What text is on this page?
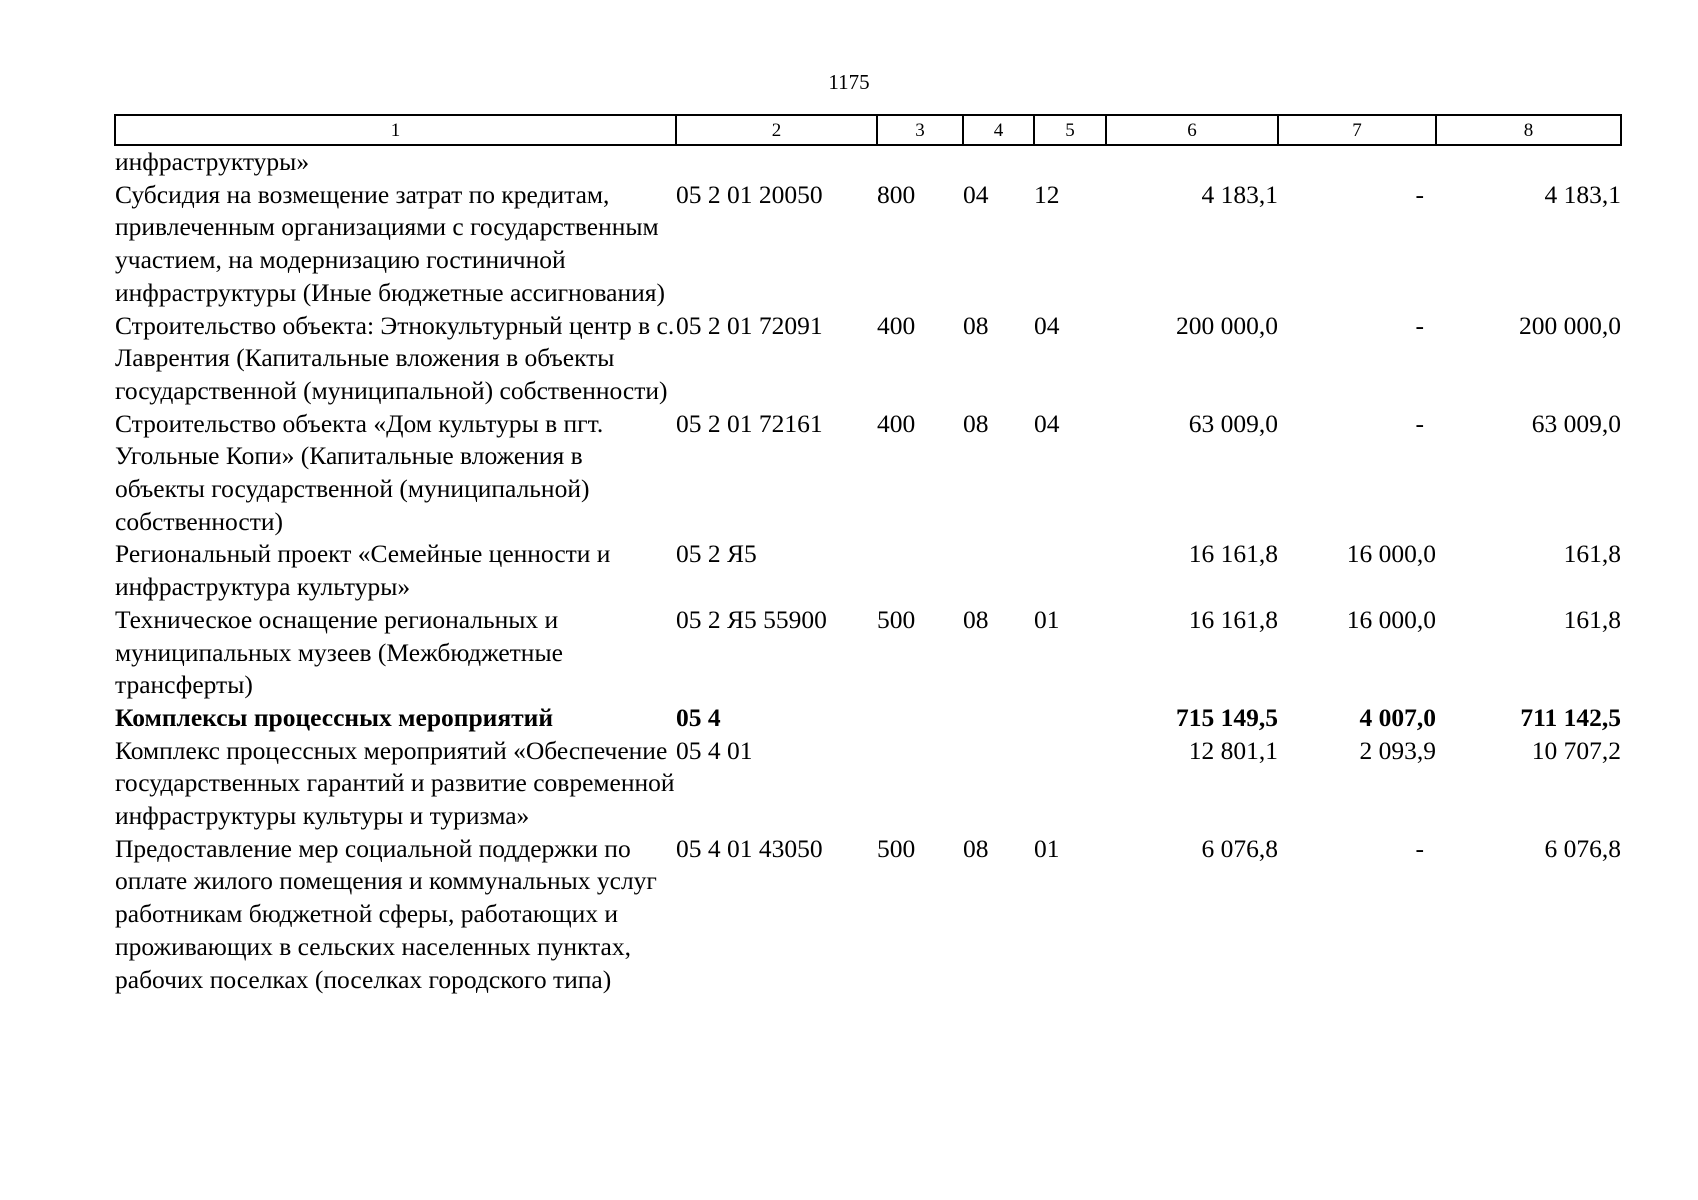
1175
1	2	3	4	5	6	7	8
инфраструктуры»							
Субсидия на возмещение затрат по кредитам, привлеченным организациями с государственным участием, на модернизацию гостиничной инфраструктуры (Иные бюджетные ассигнования)	05 2 01 20050	800	04	12	4 183,1	-	4 183,1
Строительство объекта: Этнокультурный центр в с. Лаврентия (Капитальные вложения в объекты государственной (муниципальной) собственности)	05 2 01 72091	400	08	04	200 000,0	-	200 000,0
Строительство объекта «Дом культуры в пгт. Угольные Копи» (Капитальные вложения в объекты государственной (муниципальной) собственности)	05 2 01 72161	400	08	04	63 009,0	-	63 009,0
Региональный проект «Семейные ценности и инфраструктура культуры»	05 2 Я5				16 161,8	16 000,0	161,8
Техническое оснащение региональных и муниципальных музеев (Межбюджетные трансферты)	05 2 Я5 55900	500	08	01	16 161,8	16 000,0	161,8
Комплексы процессных мероприятий	05 4				715 149,5	4 007,0	711 142,5
Комплекс процессных мероприятий «Обеспечение государственных гарантий и развитие современной инфраструктуры культуры и туризма»	05 4 01				12 801,1	2 093,9	10 707,2
Предоставление мер социальной поддержки по оплате жилого помещения и коммунальных услуг работникам бюджетной сферы, работающих и проживающих в сельских населенных пунктах, рабочих поселках (поселках городского типа)	05 4 01 43050	500	08	01	6 076,8	-	6 076,8
